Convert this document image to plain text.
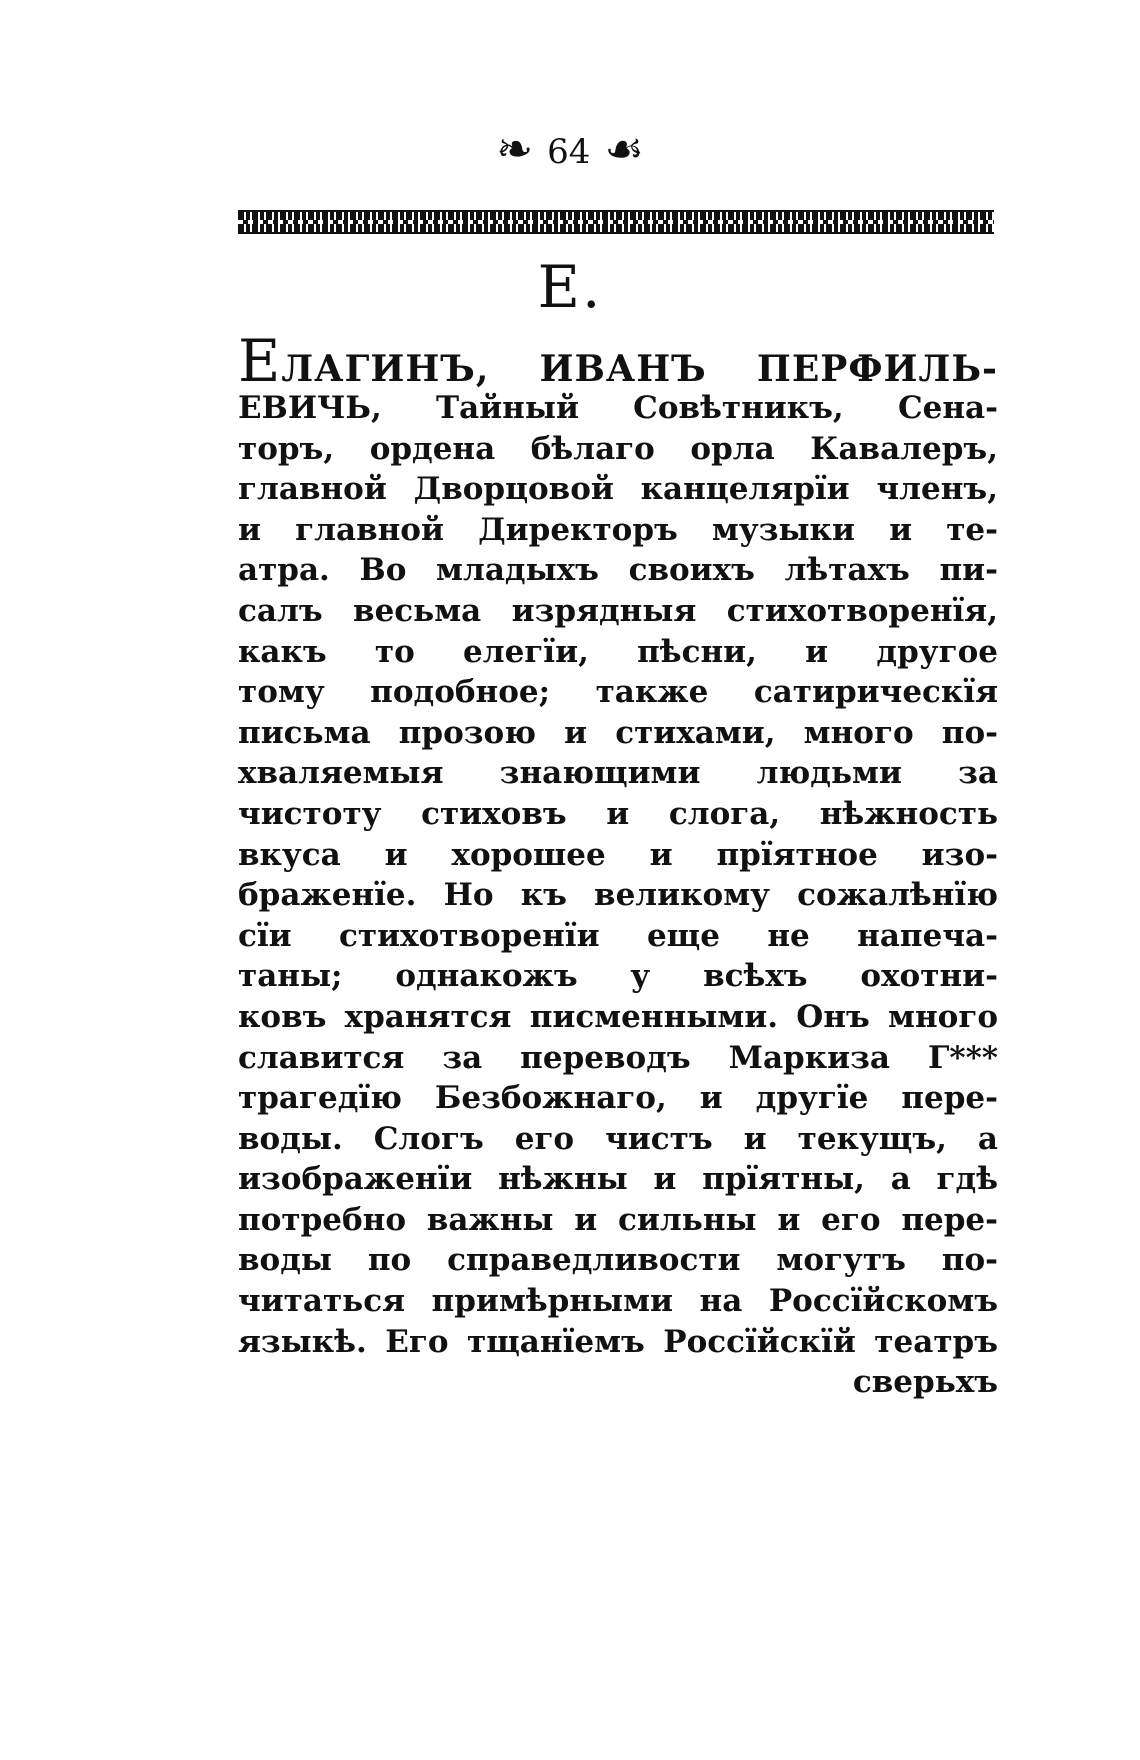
❧ 64 ☙
Е.
ЕЛАГИНЪ, ИВАНЪ ПЕРФИЛЬ-
ЕВИЧЬ, Тайный Совѣтникъ, Сена-
торъ, ордена бѣлаго орла Кавалеръ,
главной Дворцовой канцелярїи членъ,
и главной Директоръ музыки и те-
атра. Во младыхъ своихъ лѣтахъ пи-
салъ весьма изрядныя стихотворенїя,
какъ то елегїи, пѣсни, и другое
тому подобное; также сатирическїя
письма прозою и стихами, много по-
хваляемыя знающими людьми за
чистоту стиховъ и слога, нѣжность
вкуса и хорошее и прїятное изо-
браженїе. Но къ великому сожалѣнїю
сїи стихотворенїи еще не напеча-
таны; однакожъ у всѣхъ охотни-
ковъ хранятся писменными. Онъ много
славится за переводъ Маркиза Г***
трагедїю Безбожнаго, и другїе пере-
воды. Слогъ его чистъ и текущъ, а
изображенїи нѣжны и прїятны, а гдѣ
потребно важны и сильны и его пере-
воды по справедливости могутъ по-
читаться примѣрными на Россїйскомъ
языкѣ. Его тщанїемъ Россїйскїй театръ
сверьхъ
